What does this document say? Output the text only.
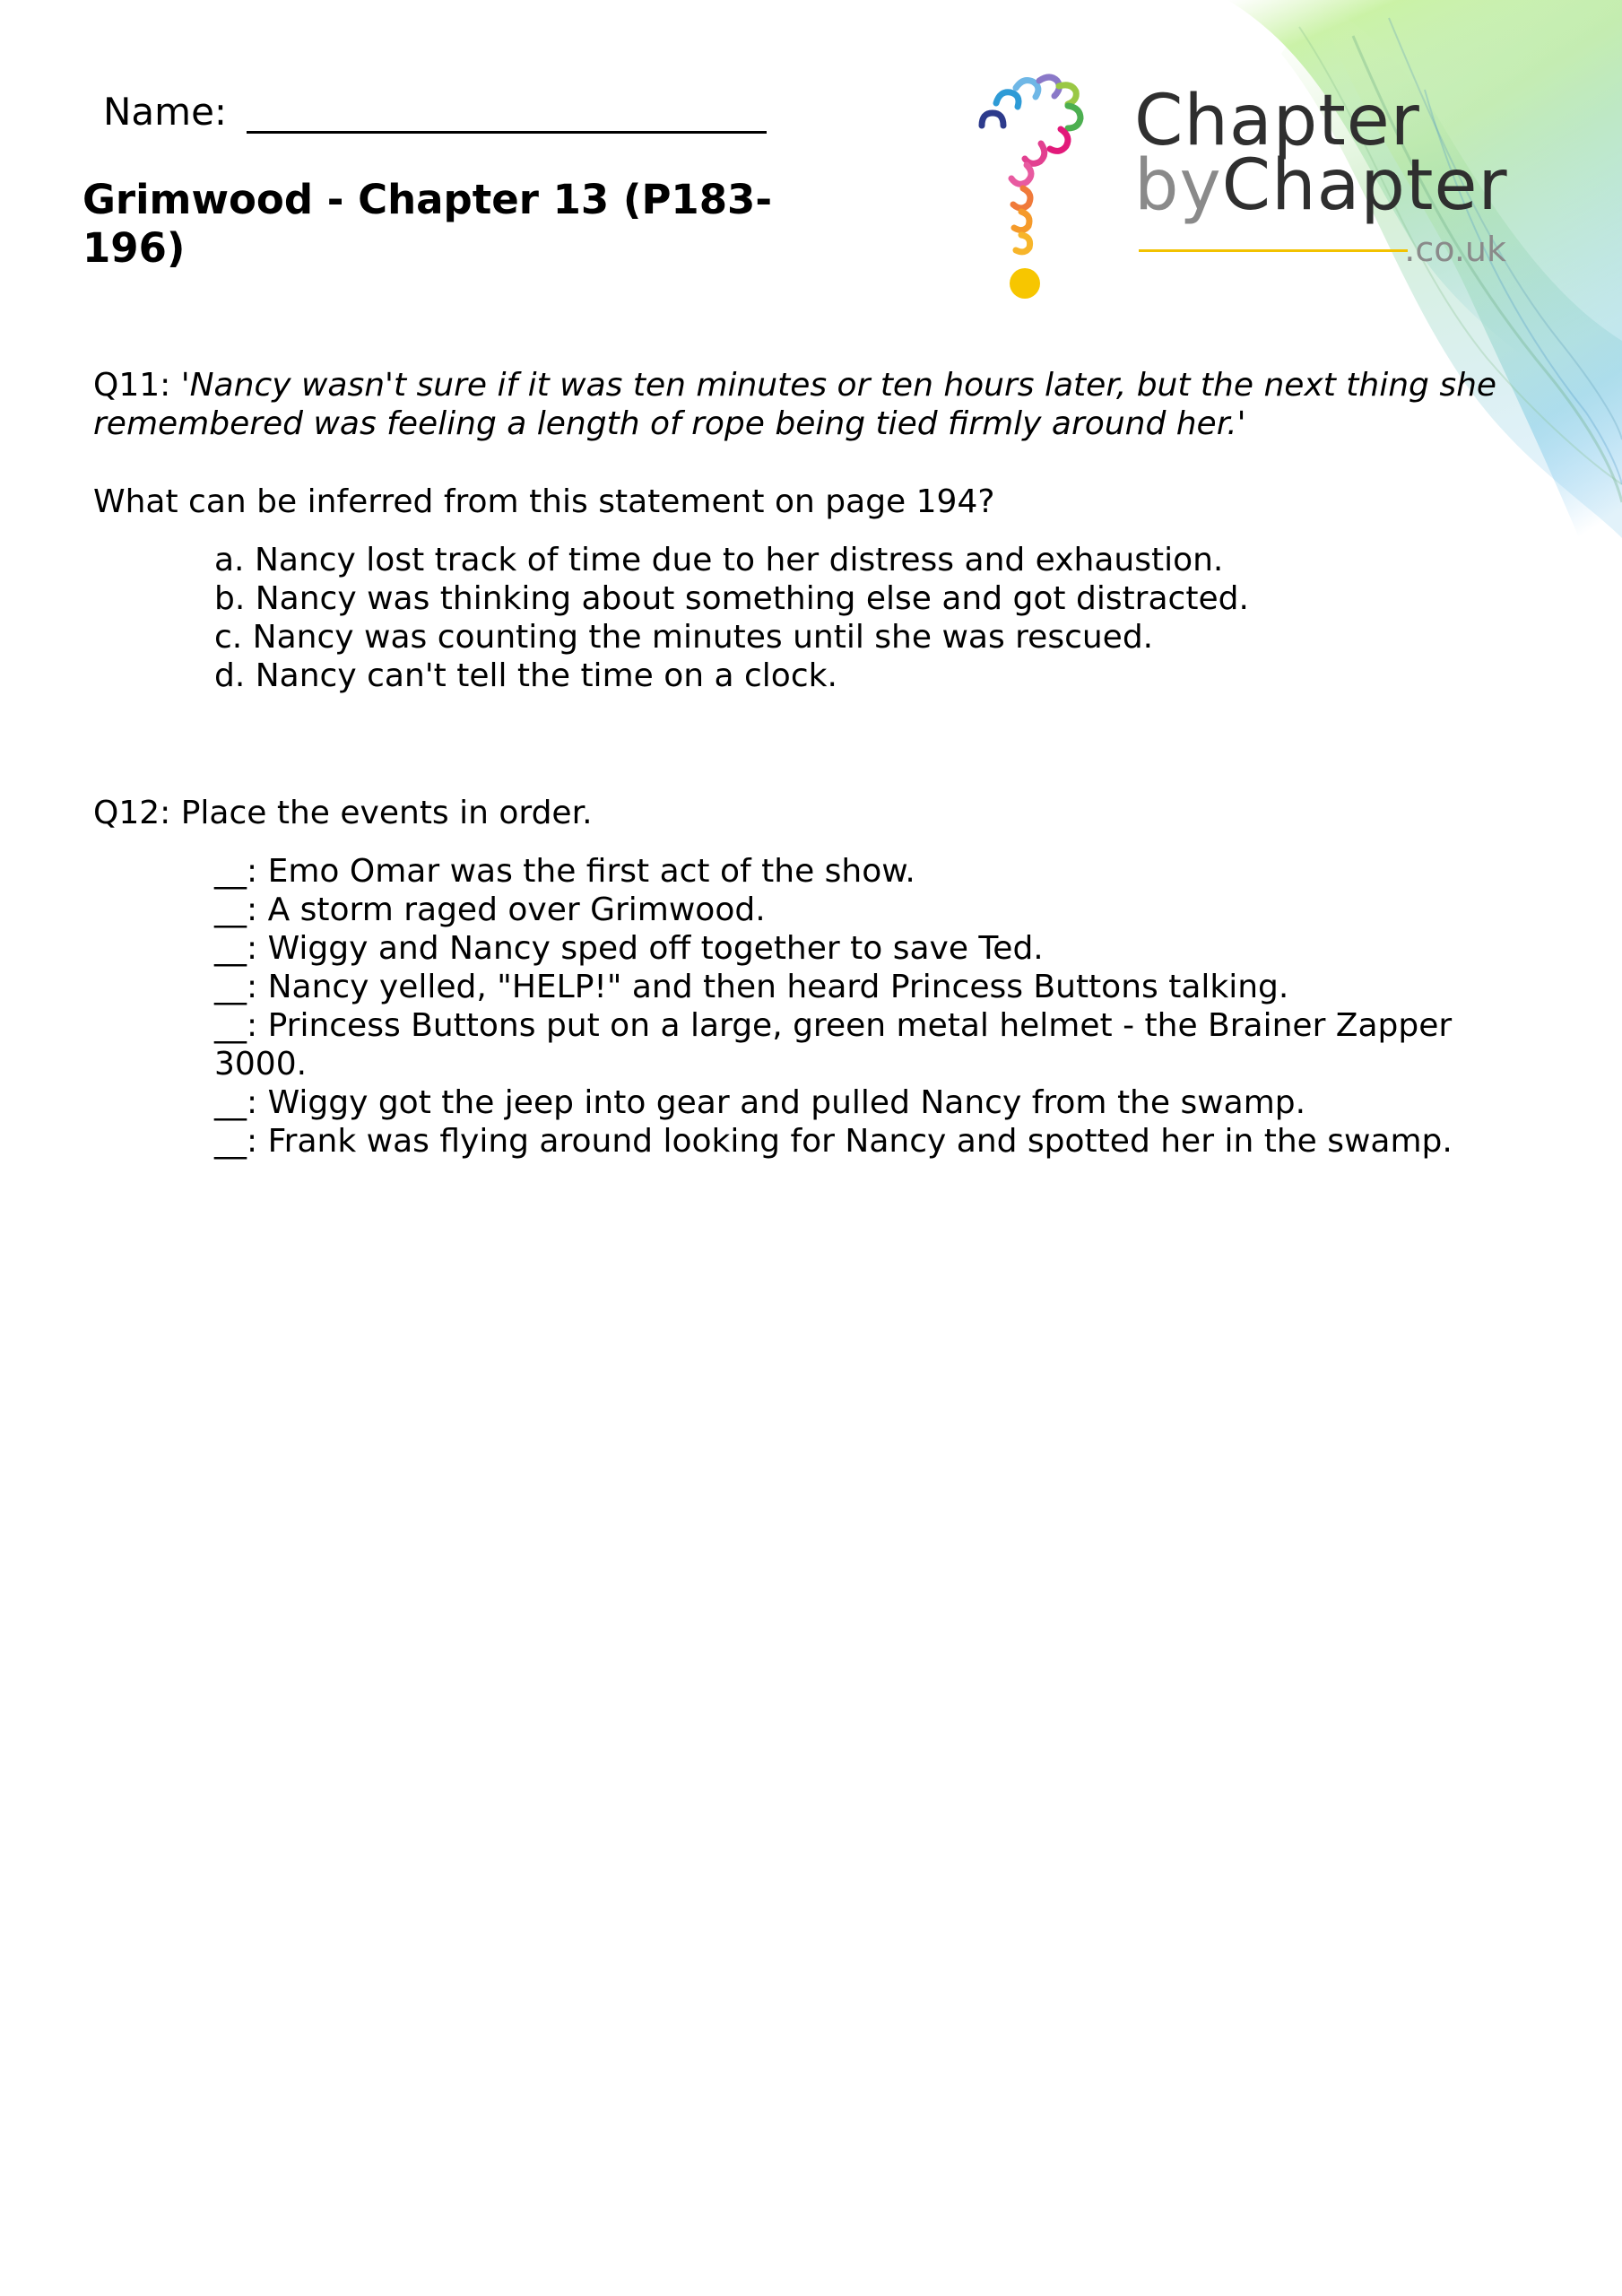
Name:
Grimwood - Chapter 13 (P183-196)
Chapter
byChapter
.co.uk

Q11: 'Nancy wasn't sure if it was ten minutes or ten hours later, but the next thing she remembered was feeling a length of rope being tied firmly around her.'

What can be inferred from this statement on page 194?

a. Nancy lost track of time due to her distress and exhaustion.
b. Nancy was thinking about something else and got distracted.
c. Nancy was counting the minutes until she was rescued.
d. Nancy can't tell the time on a clock.

Q12: Place the events in order.

__: Emo Omar was the first act of the show.
__: A storm raged over Grimwood.
__: Wiggy and Nancy sped off together to save Ted.
__: Nancy yelled, "HELP!" and then heard Princess Buttons talking.
__: Princess Buttons put on a large, green metal helmet - the Brainer Zapper 3000.
__: Wiggy got the jeep into gear and pulled Nancy from the swamp.
__: Frank was flying around looking for Nancy and spotted her in the swamp.
